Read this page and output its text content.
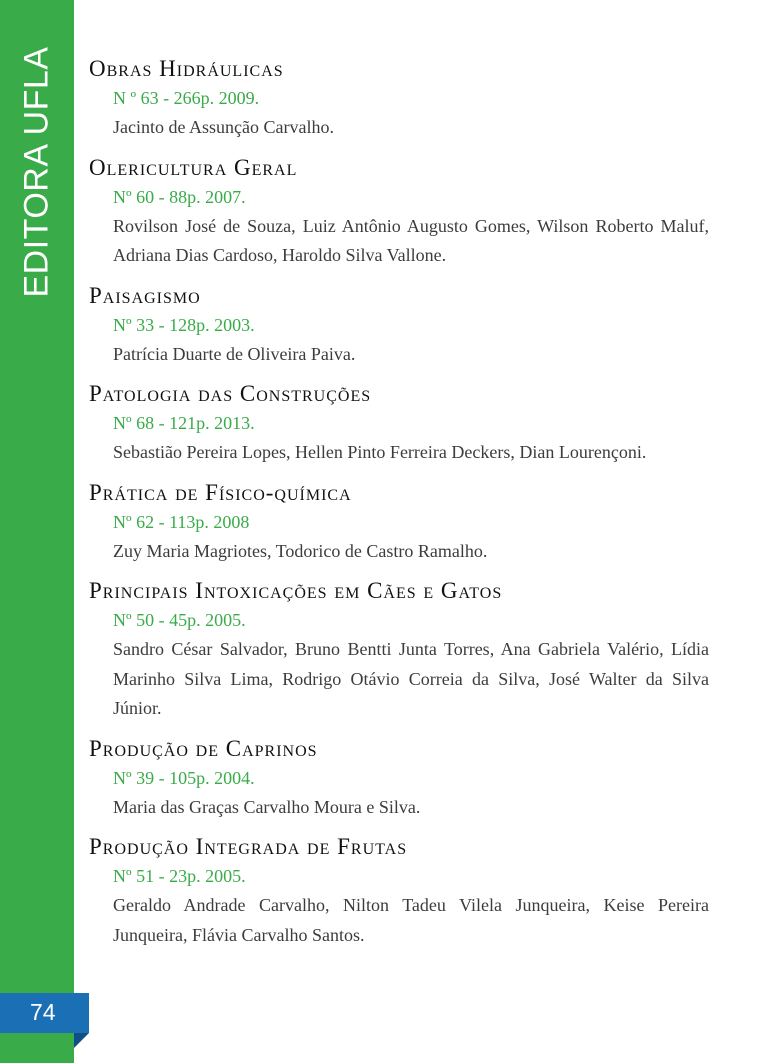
EDITORA UFLA
74
Obras Hidráulicas
N º 63 - 266p. 2009.
Jacinto de Assunção Carvalho.
Olericultura Geral
Nº 60 - 88p. 2007.
Rovilson José de Souza, Luiz Antônio Augusto Gomes, Wilson Roberto Maluf, Adriana Dias Cardoso, Haroldo Silva Vallone.
Paisagismo
Nº 33 - 128p. 2003.
Patrícia Duarte de Oliveira Paiva.
Patologia das Construções
Nº 68 - 121p. 2013.
Sebastião Pereira Lopes, Hellen Pinto Ferreira Deckers, Dian Lourençoni.
Prática de Físico-química
Nº 62 - 113p. 2008
Zuy Maria Magriotes, Todorico de Castro Ramalho.
Principais Intoxicações em Cães e Gatos
Nº 50 - 45p. 2005.
Sandro César Salvador, Bruno Bentti Junta Torres, Ana Gabriela Valério, Lídia Marinho Silva Lima, Rodrigo Otávio Correia da Silva, José Walter da Silva Júnior.
Produção de Caprinos
Nº 39 - 105p. 2004.
Maria das Graças Carvalho Moura e Silva.
Produção Integrada de Frutas
Nº 51 - 23p. 2005.
Geraldo Andrade Carvalho, Nilton Tadeu Vilela Junqueira, Keise Pereira Junqueira, Flávia Carvalho Santos.
